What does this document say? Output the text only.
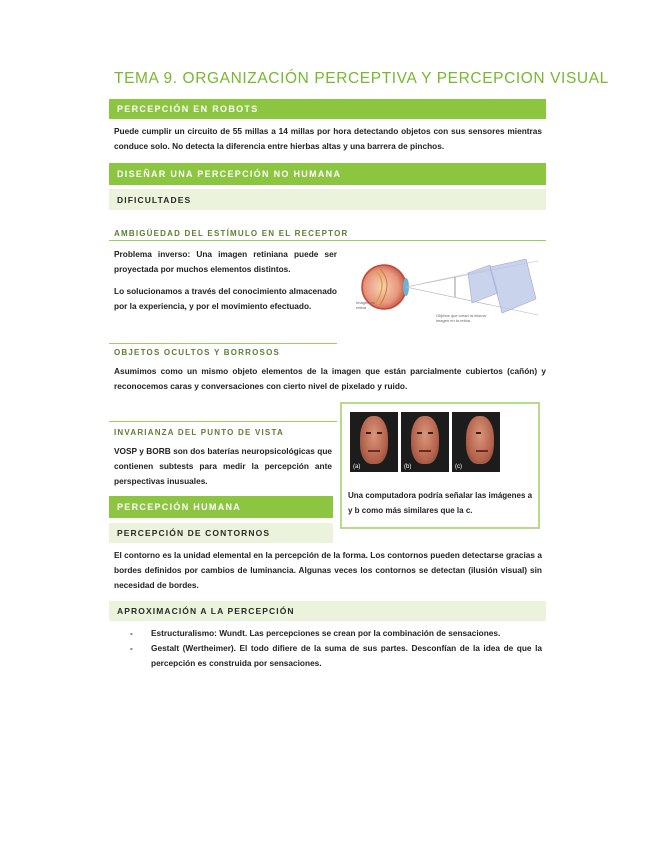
TEMA 9. ORGANIZACIÓN PERCEPTIVA Y PERCEPCION VISUAL
PERCEPCIÓN EN ROBOTS
Puede cumplir un circuito de 55 millas a 14 millas por hora detectando objetos con sus sensores mientras conduce solo. No detecta la diferencia entre hierbas altas y una barrera de pinchos.
DISEÑAR UNA PERCEPCIÓN NO HUMANA
DIFICULTADES
AMBIGÜEDAD DEL ESTÍMULO EN EL RECEPTOR
Problema inverso: Una imagen retiniana puede ser proyectada por muchos elementos distintos.
Lo solucionamos a través del conocimiento almacenado por la experiencia, y por el movimiento efectuado.	Imagen en retina
Objetos que crean la misma imagen en la retina
OBJETOS OCULTOS Y BORROSOS
Asumimos como un mismo objeto elementos de la imagen que están parcialmente cubiertos (cañón) y reconocemos caras y conversaciones con cierto nivel de pixelado y ruido.
INVARIANZA DEL PUNTO DE VISTA
VOSP y BORB son dos baterías neuropsicológicas que contienen subtests para medir la percepción ante perspectivas inusuales.
(a)	(b)	(c)
Una computadora podría señalar las imágenes a y b como más similares que la c.
PERCEPCIÓN HUMANA
PERCEPCIÓN DE CONTORNOS
El contorno es la unidad elemental en la percepción de la forma. Los contornos pueden detectarse gracias a bordes definidos por cambios de luminancia. Algunas veces los contornos se detectan (ilusión visual) sin necesidad de bordes.
APROXIMACIÓN A LA PERCEPCIÓN
- Estructuralismo: Wundt. Las percepciones se crean por la combinación de sensaciones.
- Gestalt (Wertheimer). El todo difiere de la suma de sus partes. Desconfían de la idea de que la percepción es construida por sensaciones.
